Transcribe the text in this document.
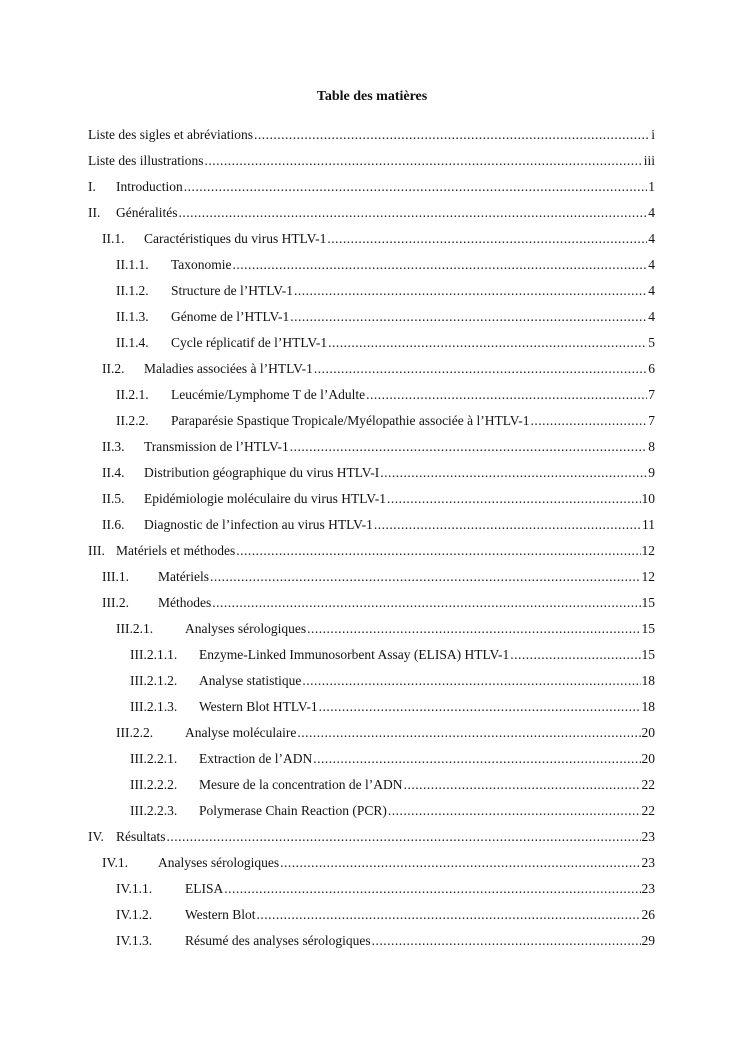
Table des matières
Liste des sigles et abréviations .....	i
Liste des illustrations .....	iii
I.	Introduction .....	1
II.	Généralités .....	4
II.1.	Caractéristiques du virus HTLV-1 .....	4
II.1.1.	Taxonomie .....	4
II.1.2.	Structure de l’HTLV-1 .....	4
II.1.3.	Génome de l’HTLV-1 .....	4
II.1.4.	Cycle réplicatif de l’HTLV-1 .....	5
II.2.	Maladies associées à l’HTLV-1 .....	6
II.2.1.	Leucémie/Lymphome T de l’Adulte .....	7
II.2.2.	Paraparésie Spastique Tropicale/Myélopathie associée à l’HTLV-1 .....	7
II.3.	Transmission de l’HTLV-1 .....	8
II.4.	Distribution géographique du virus HTLV-I .....	9
II.5.	Epidémiologie moléculaire du virus HTLV-1 .....	10
II.6.	Diagnostic de l’infection au virus HTLV-1 .....	11
III. Matériels et méthodes .....	12
III.1.	Matériels .....	12
III.2.	Méthodes .....	15
III.2.1.	Analyses sérologiques .....	15
III.2.1.1.	Enzyme-Linked Immunosorbent Assay (ELISA) HTLV-1 .....	15
III.2.1.2.	Analyse statistique .....	18
III.2.1.3.	Western Blot HTLV-1 .....	18
III.2.2.	Analyse moléculaire .....	20
III.2.2.1.	Extraction de l’ADN .....	20
III.2.2.2.	Mesure de la concentration de l’ADN .....	22
III.2.2.3.	Polymerase Chain Reaction (PCR) .....	22
IV. Résultats .....	23
IV.1.	Analyses sérologiques .....	23
IV.1.1.	ELISA .....	23
IV.1.2.	Western Blot .....	26
IV.1.3.	Résumé des analyses sérologiques .....	29
